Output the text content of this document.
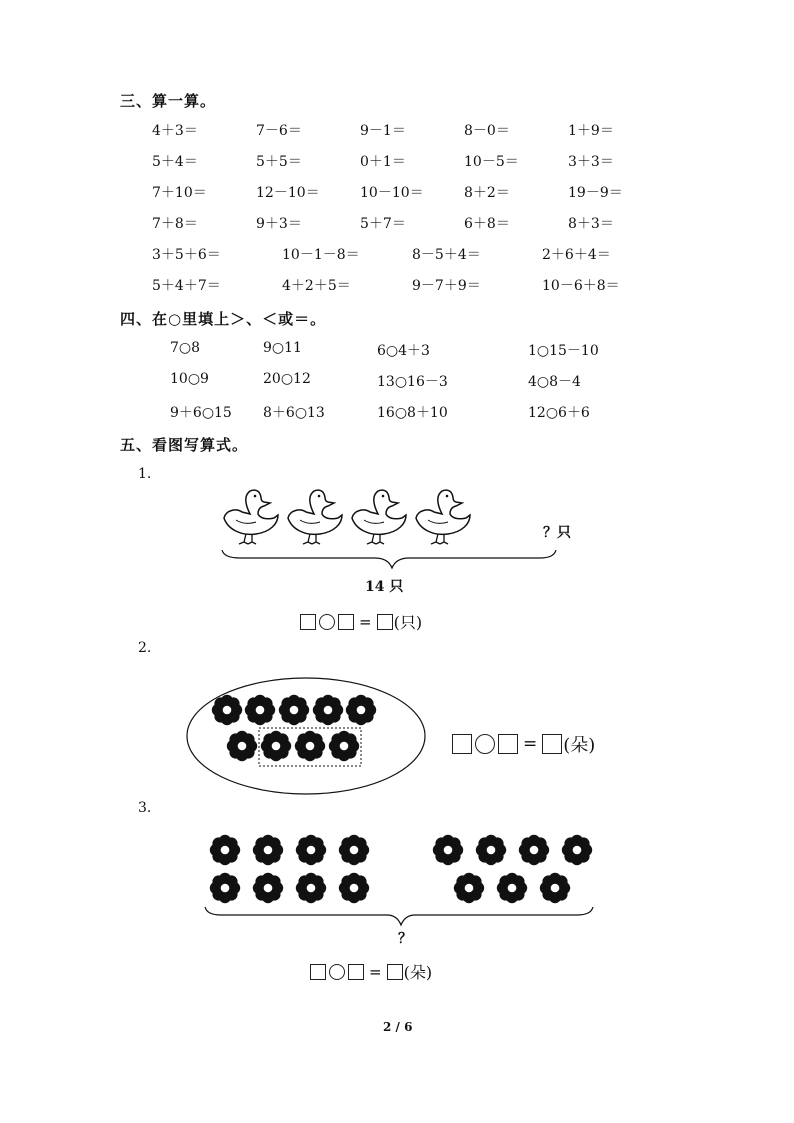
三、算一算。
4＋3＝	7－6＝	9－1＝	8－0＝	1＋9＝
5＋4＝	5＋5＝	0＋1＝	10－5＝	3＋3＝
7＋10＝	12－10＝	10－10＝	8＋2＝	19－9＝
7＋8＝	9＋3＝	5＋7＝	6＋8＝	8＋3＝
3＋5＋6＝	10－1－8＝	8－5＋4＝	2＋6＋4＝
5＋4＋7＝	4＋2＋5＝	9－7＋9＝	10－6＋8＝
四、在○里填上＞、＜或＝。
7○8	9○11	6○4＋3	1○15－10
10○9	20○12	13○16－3	4○8－4
9＋6○15 8＋6○13	16○8＋10	12○6＋6
五、看图写算式。
1.
？只
14 只
= (只)
2.
= (朵)
3.
？
= (朵)
2 / 6
